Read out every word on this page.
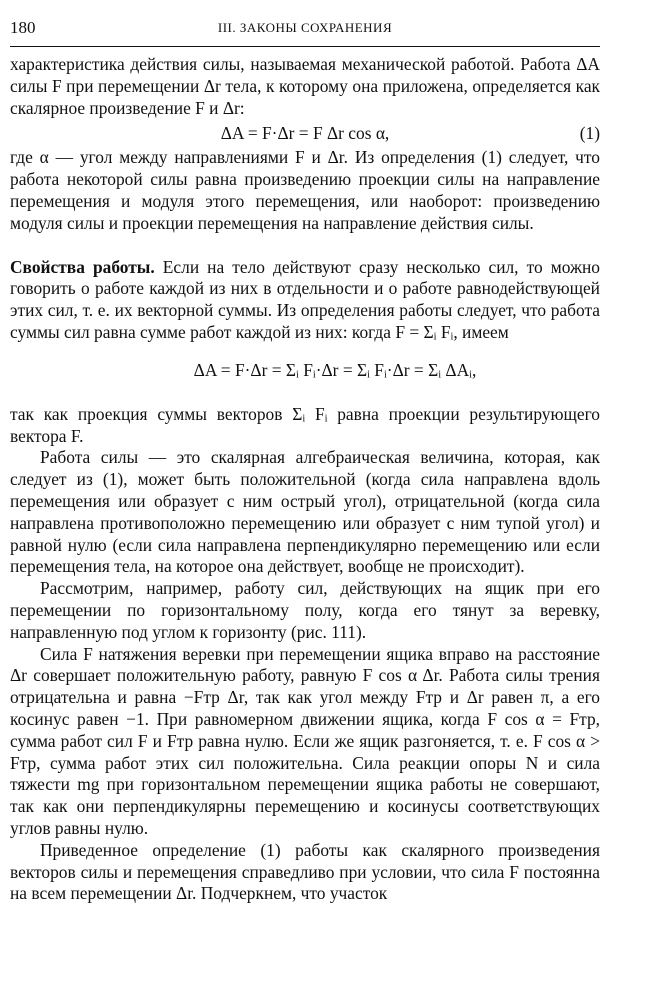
180	III. ЗАКОНЫ СОХРАНЕНИЯ

характеристика действия силы, называемая механической работой. Работа ΔA силы F при перемещении Δr тела, к которому она приложена, определяется как скалярное произведение F и Δr:

ΔA = F·Δr = F Δr cos α,	(1)

где α — угол между направлениями F и Δr. Из определения (1) следует, что работа некоторой силы равна произведению проекции силы на направление перемещения и модуля этого перемещения, или наоборот: произведению модуля силы и проекции перемещения на направление действия силы.

Свойства работы. Если на тело действуют сразу несколько сил, то можно говорить о работе каждой из них в отдельности и о работе равнодействующей этих сил, т. е. их векторной суммы. Из определения работы следует, что работа суммы сил равна сумме работ каждой из них: когда F = Σᵢ Fᵢ, имеем

ΔA = F·Δr = Σᵢ Fᵢ·Δr = Σᵢ Fᵢ·Δr = Σᵢ ΔAᵢ,

так как проекция суммы векторов Σᵢ Fᵢ равна проекции результирующего вектора F.

Работа силы — это скалярная алгебраическая величина, которая, как следует из (1), может быть положительной (когда сила направлена вдоль перемещения или образует с ним острый угол), отрицательной (когда сила направлена противоположно перемещению или образует с ним тупой угол) и равной нулю (если сила направлена перпендикулярно перемещению или если перемещения тела, на которое она действует, вообще не происходит).

Рассмотрим, например, работу сил, действующих на ящик при его перемещении по горизонтальному полу, когда его тянут за веревку, направленную под углом к горизонту (рис. 111).

Сила F натяжения веревки при перемещении ящика вправо на расстояние Δr совершает положительную работу, равную F cos α Δr. Работа силы трения отрицательна и равна −Fтр Δr, так как угол между Fтр и Δr равен π, а его косинус равен −1. При равномерном движении ящика, когда F cos α = Fтр, сумма работ сил F и Fтр равна нулю. Если же ящик разгоняется, т. е. F cos α > Fтр, сумма работ этих сил положительна. Сила реакции опоры N и сила тяжести mg при горизонтальном перемещении ящика работы не совершают, так как они перпендикулярны перемещению и косинусы соответствующих углов равны нулю.

Приведенное определение (1) работы как скалярного произведения векторов силы и перемещения справедливо при условии, что сила F постоянна на всем перемещении Δr. Подчеркнем, что участок
